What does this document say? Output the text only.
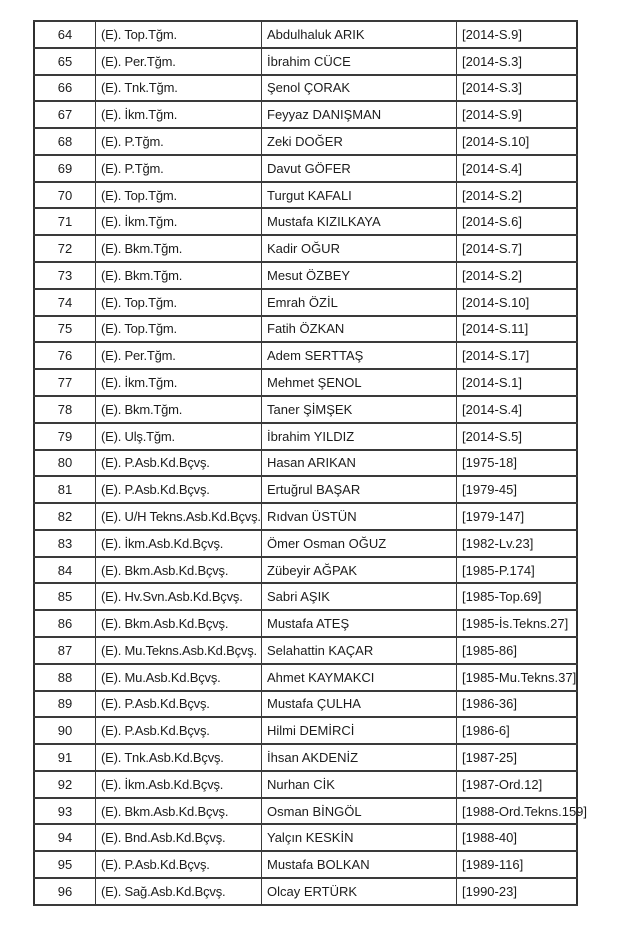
64	(E). Top.Tğm.	Abdulhaluk ARIK	[2014-S.9]
65	(E). Per.Tğm.	İbrahim CÜCE	[2014-S.3]
66	(E). Tnk.Tğm.	Şenol ÇORAK	[2014-S.3]
67	(E). İkm.Tğm.	Feyyaz DANIŞMAN	[2014-S.9]
68	(E). P.Tğm.	Zeki DOĞER	[2014-S.10]
69	(E). P.Tğm.	Davut GÖFER	[2014-S.4]
70	(E). Top.Tğm.	Turgut KAFALI	[2014-S.2]
71	(E). İkm.Tğm.	Mustafa KIZILKAYA	[2014-S.6]
72	(E). Bkm.Tğm.	Kadir OĞUR	[2014-S.7]
73	(E). Bkm.Tğm.	Mesut ÖZBEY	[2014-S.2]
74	(E). Top.Tğm.	Emrah ÖZİL	[2014-S.10]
75	(E). Top.Tğm.	Fatih ÖZKAN	[2014-S.11]
76	(E). Per.Tğm.	Adem SERTTAŞ	[2014-S.17]
77	(E). İkm.Tğm.	Mehmet ŞENOL	[2014-S.1]
78	(E). Bkm.Tğm.	Taner ŞİMŞEK	[2014-S.4]
79	(E). Ulş.Tğm.	İbrahim YILDIZ	[2014-S.5]
80	(E). P.Asb.Kd.Bçvş.	Hasan ARIKAN	[1975-18]
81	(E). P.Asb.Kd.Bçvş.	Ertuğrul BAŞAR	[1979-45]
82	(E). U/H Tekns.Asb.Kd.Bçvş.	Rıdvan ÜSTÜN	[1979-147]
83	(E). İkm.Asb.Kd.Bçvş.	Ömer Osman OĞUZ	[1982-Lv.23]
84	(E). Bkm.Asb.Kd.Bçvş.	Zübeyir AĞPAK	[1985-P.174]
85	(E). Hv.Svn.Asb.Kd.Bçvş.	Sabri AŞIK	[1985-Top.69]
86	(E). Bkm.Asb.Kd.Bçvş.	Mustafa ATEŞ	[1985-İs.Tekns.27]
87	(E). Mu.Tekns.Asb.Kd.Bçvş.	Selahattin KAÇAR	[1985-86]
88	(E). Mu.Asb.Kd.Bçvş.	Ahmet KAYMAKCI	[1985-Mu.Tekns.37]
89	(E). P.Asb.Kd.Bçvş.	Mustafa ÇULHA	[1986-36]
90	(E). P.Asb.Kd.Bçvş.	Hilmi DEMİRCİ	[1986-6]
91	(E). Tnk.Asb.Kd.Bçvş.	İhsan AKDENİZ	[1987-25]
92	(E). İkm.Asb.Kd.Bçvş.	Nurhan CİK	[1987-Ord.12]
93	(E). Bkm.Asb.Kd.Bçvş.	Osman BİNGÖL	[1988-Ord.Tekns.159]
94	(E). Bnd.Asb.Kd.Bçvş.	Yalçın KESKİN	[1988-40]
95	(E). P.Asb.Kd.Bçvş.	Mustafa BOLKAN	[1989-116]
96	(E). Sağ.Asb.Kd.Bçvş.	Olcay ERTÜRK	[1990-23]
